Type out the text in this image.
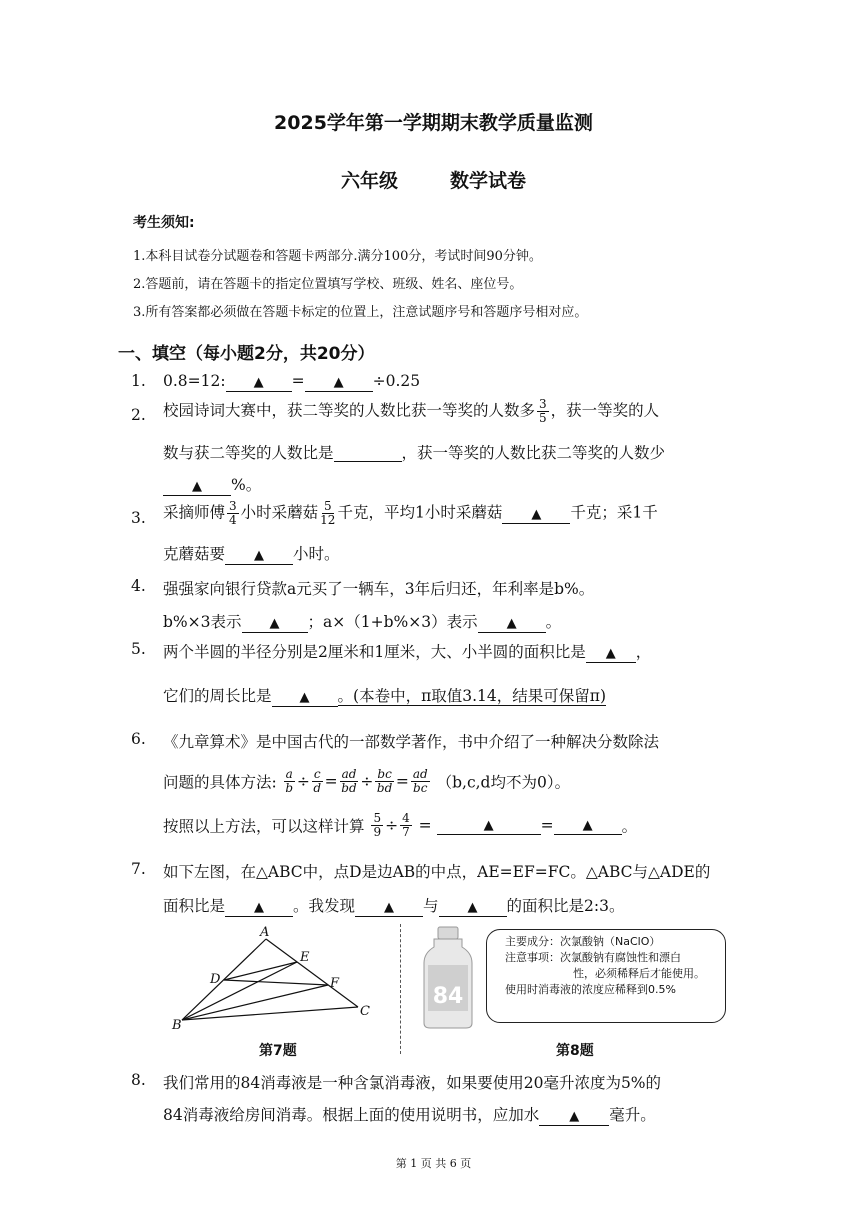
2025学年第一学期期末教学质量监测
六年级	数学试卷
考生须知:
1.本科目试卷分试题卷和答题卡两部分.满分100分，考试时间90分钟。
2.答题前，请在答题卡的指定位置填写学校、班级、姓名、座位号。
3.所有答案都必须做在答题卡标定的位置上，注意试题序号和答题序号相对应。
一、填空（每小题2分，共20分）
1. 0.8=12: ▲ = ▲ ÷0.25
2. 校园诗词大赛中，获二等奖的人数比获一等奖的人数多 $\frac{3}{5}$ ，获一等奖的人
数与获二等奖的人数比是	，获一等奖的人数比获二等奖的人数少
▲ %。
3. 采摘师傅 $\frac{3}{4}$ 小时采蘑菇 $\frac{5}{12}$ 千克，平均1小时采蘑菇 ▲ 千克；采1千
克蘑菇要 ▲ 小时。
4. 强强家向银行贷款a元买了一辆车，3年后归还，年利率是b%。
b%×3表示 ▲ ；a×（1+b%×3）表示 ▲ 。
5. 两个半圆的半径分别是2厘米和1厘米，大、小半圆的面积比是 ▲ ，
它们的周长比是 ▲ 。(本卷中，π取值3.14，结果可保留π)
6. 《九章算术》是中国古代的一部数学著作，书中介绍了一种解决分数除法
问题的具体方法: $\frac{a}{b} \div \frac{c}{d} = \frac{ad}{bd} \div \frac{bc}{bd} = \frac{ad}{bc} (b,c,d$均不为0）。
按照以上方法，可以这样计算 $\frac{5}{9} \div \frac{4}{7}$ =	▲	= ▲ 。
7. 如下左图，在△ABC中，点D是边AB的中点，AE=EF=FC。△ABC与△ADE的
面积比是 ▲ 。我发现 ▲ 与 ▲ 的面积比是2:3。
A
E
D	F
B
C
第7题
84
主要成分：次氯酸钠（NaClO）
注意事项：次氯酸钠有腐蚀性和漂白
性，必须稀释后才能使用。
使用时消毒液的浓度应稀释到0.5%
第8题
8. 我们常用的84消毒液是一种含氯消毒液，如果要使用20毫升浓度为5%的
84消毒液给房间消毒。根据上面的使用说明书，应加水 ▲ 毫升。
第 1 页 共 6 页
